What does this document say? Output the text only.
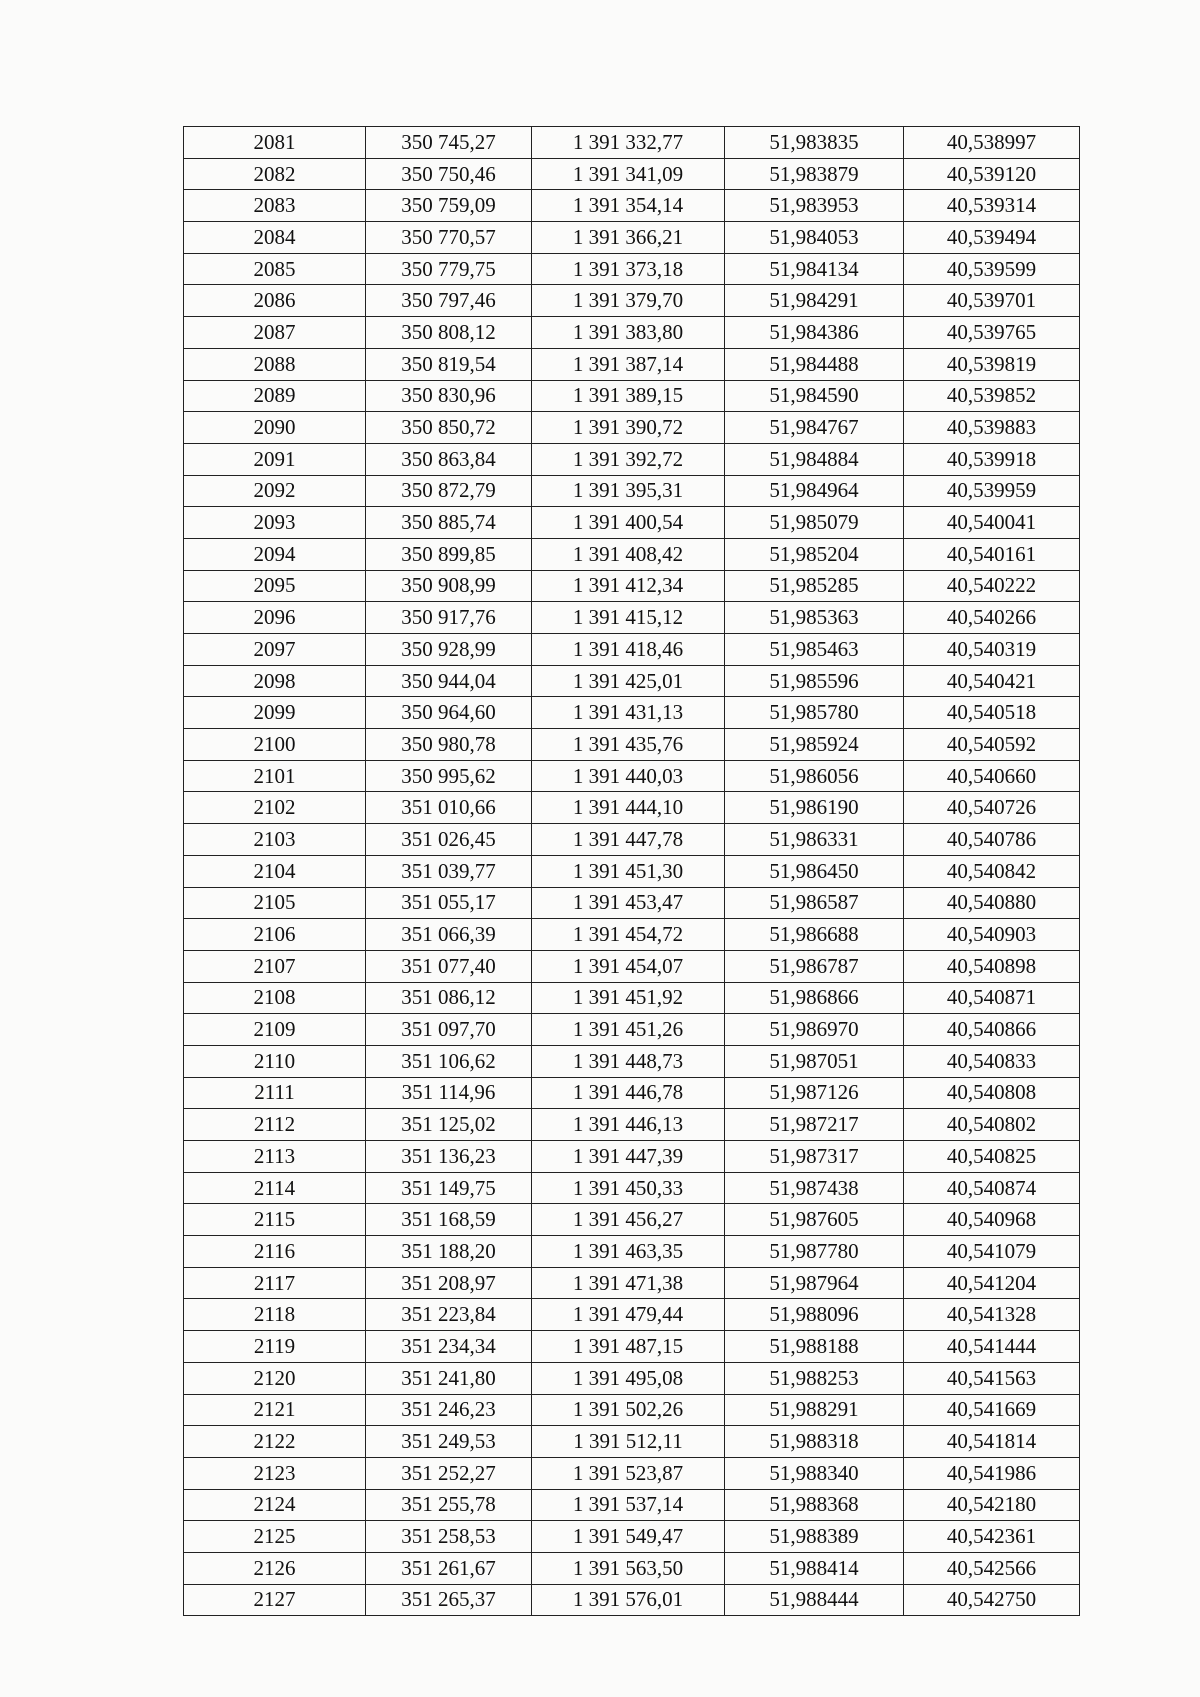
2081	350 745,27	1 391 332,77	51,983835	40,538997
2082	350 750,46	1 391 341,09	51,983879	40,539120
2083	350 759,09	1 391 354,14	51,983953	40,539314
2084	350 770,57	1 391 366,21	51,984053	40,539494
2085	350 779,75	1 391 373,18	51,984134	40,539599
2086	350 797,46	1 391 379,70	51,984291	40,539701
2087	350 808,12	1 391 383,80	51,984386	40,539765
2088	350 819,54	1 391 387,14	51,984488	40,539819
2089	350 830,96	1 391 389,15	51,984590	40,539852
2090	350 850,72	1 391 390,72	51,984767	40,539883
2091	350 863,84	1 391 392,72	51,984884	40,539918
2092	350 872,79	1 391 395,31	51,984964	40,539959
2093	350 885,74	1 391 400,54	51,985079	40,540041
2094	350 899,85	1 391 408,42	51,985204	40,540161
2095	350 908,99	1 391 412,34	51,985285	40,540222
2096	350 917,76	1 391 415,12	51,985363	40,540266
2097	350 928,99	1 391 418,46	51,985463	40,540319
2098	350 944,04	1 391 425,01	51,985596	40,540421
2099	350 964,60	1 391 431,13	51,985780	40,540518
2100	350 980,78	1 391 435,76	51,985924	40,540592
2101	350 995,62	1 391 440,03	51,986056	40,540660
2102	351 010,66	1 391 444,10	51,986190	40,540726
2103	351 026,45	1 391 447,78	51,986331	40,540786
2104	351 039,77	1 391 451,30	51,986450	40,540842
2105	351 055,17	1 391 453,47	51,986587	40,540880
2106	351 066,39	1 391 454,72	51,986688	40,540903
2107	351 077,40	1 391 454,07	51,986787	40,540898
2108	351 086,12	1 391 451,92	51,986866	40,540871
2109	351 097,70	1 391 451,26	51,986970	40,540866
2110	351 106,62	1 391 448,73	51,987051	40,540833
2111	351 114,96	1 391 446,78	51,987126	40,540808
2112	351 125,02	1 391 446,13	51,987217	40,540802
2113	351 136,23	1 391 447,39	51,987317	40,540825
2114	351 149,75	1 391 450,33	51,987438	40,540874
2115	351 168,59	1 391 456,27	51,987605	40,540968
2116	351 188,20	1 391 463,35	51,987780	40,541079
2117	351 208,97	1 391 471,38	51,987964	40,541204
2118	351 223,84	1 391 479,44	51,988096	40,541328
2119	351 234,34	1 391 487,15	51,988188	40,541444
2120	351 241,80	1 391 495,08	51,988253	40,541563
2121	351 246,23	1 391 502,26	51,988291	40,541669
2122	351 249,53	1 391 512,11	51,988318	40,541814
2123	351 252,27	1 391 523,87	51,988340	40,541986
2124	351 255,78	1 391 537,14	51,988368	40,542180
2125	351 258,53	1 391 549,47	51,988389	40,542361
2126	351 261,67	1 391 563,50	51,988414	40,542566
2127	351 265,37	1 391 576,01	51,988444	40,542750
